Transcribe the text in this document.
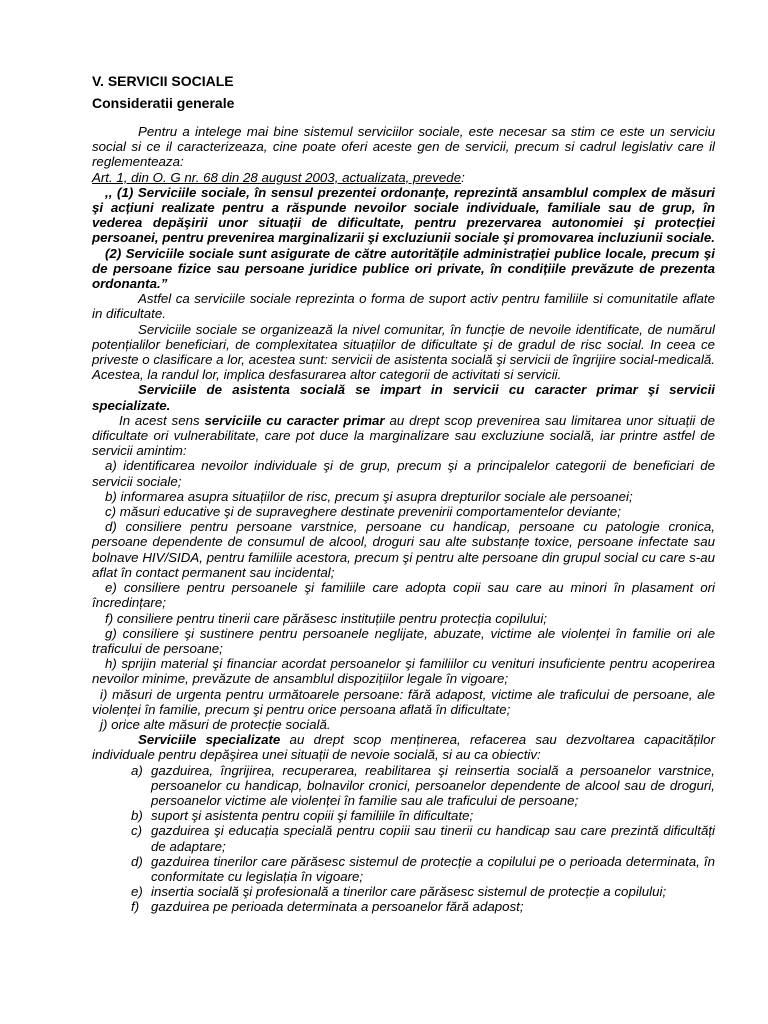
V. SERVICII SOCIALE
Consideratii generale

Pentru a intelege mai bine sistemul serviciilor sociale, este necesar sa stim ce este un serviciu social si ce il caracterizeaza, cine poate oferi aceste gen de servicii, precum si cadrul legislativ care il reglementeaza:

Art. 1, din O. G nr. 68 din 28 august 2003, actualizata, prevede:

,, (1) Serviciile sociale, în sensul prezentei ordonanțe, reprezintă ansamblul complex de măsuri şi acțiuni realizate pentru a răspunde nevoilor sociale individuale, familiale sau de grup, în vederea depăşirii unor situații de dificultate, pentru prezervarea autonomiei şi protecției persoanei, pentru prevenirea marginalizarii şi excluziunii sociale şi promovarea incluziunii sociale.

(2) Serviciile sociale sunt asigurate de către autoritățile administrației publice locale, precum şi de persoane fizice sau persoane juridice publice ori private, în condițiile prevăzute de prezenta ordonanta.”

Astfel ca serviciile sociale reprezinta o forma de suport activ pentru familiile si comunitatile aflate in dificultate.

Serviciile sociale se organizează la nivel comunitar, în funcție de nevoile identificate, de numărul potențialilor beneficiari, de complexitatea situațiilor de dificultate şi de gradul de risc social. In ceea ce priveste o clasificare a lor, acestea sunt: servicii de asistenta socială şi servicii de îngrijire social-medicală. Acestea, la randul lor, implica desfasurarea altor categorii de activitati si servicii.

Serviciile de asistenta socială se impart in servicii cu caracter primar şi servicii specializate.

In acest sens serviciile cu caracter primar au drept scop prevenirea sau limitarea unor situații de dificultate ori vulnerabilitate, care pot duce la marginalizare sau excluziune socială, iar printre astfel de servicii amintim:

a) identificarea nevoilor individuale şi de grup, precum şi a principalelor categorii de beneficiari de servicii sociale;

b) informarea asupra situațiilor de risc, precum şi asupra drepturilor sociale ale persoanei;

c) măsuri educative şi de supraveghere destinate prevenirii comportamentelor deviante;

d) consiliere pentru persoane varstnice, persoane cu handicap, persoane cu patologie cronica, persoane dependente de consumul de alcool, droguri sau alte substanțe toxice, persoane infectate sau bolnave HIV/SIDA, pentru familiile acestora, precum şi pentru alte persoane din grupul social cu care s-au aflat în contact permanent sau incidental;

e) consiliere pentru persoanele şi familiile care adopta copii sau care au minori în plasament ori încredințare;

f) consiliere pentru tinerii care părăsesc instituțiile pentru protecția copilului;

g) consiliere şi sustinere pentru persoanele neglijate, abuzate, victime ale violenței în familie ori ale traficului de persoane;

h) sprijin material şi financiar acordat persoanelor şi familiilor cu venituri insuficiente pentru acoperirea nevoilor minime, prevăzute de ansamblul dispozițiilor legale în vigoare;

i) măsuri de urgenta pentru următoarele persoane: fără adapost, victime ale traficului de persoane, ale violenței în familie, precum şi pentru orice persoana aflată în dificultate;

j) orice alte măsuri de protecție socială.

Serviciile specializate au drept scop menținerea, refacerea sau dezvoltarea capacităților individuale pentru depăşirea unei situații de nevoie socială, si au ca obiectiv:

a) gazduirea, îngrijirea, recuperarea, reabilitarea şi reinsertia socială a persoanelor varstnice, persoanelor cu handicap, bolnavilor cronici, persoanelor dependente de alcool sau de droguri, persoanelor victime ale violenței în familie sau ale traficului de persoane;
b) suport şi asistenta pentru copiii şi familiile în dificultate;
c) gazduirea şi educația specială pentru copiii sau tinerii cu handicap sau care prezintă dificultăți de adaptare;
d) gazduirea tinerilor care părăsesc sistemul de protecție a copilului pe o perioada determinata, în conformitate cu legislația în vigoare;
e) insertia socială şi profesională a tinerilor care părăsesc sistemul de protecție a copilului;
f) gazduirea pe perioada determinata a persoanelor fără adapost;
